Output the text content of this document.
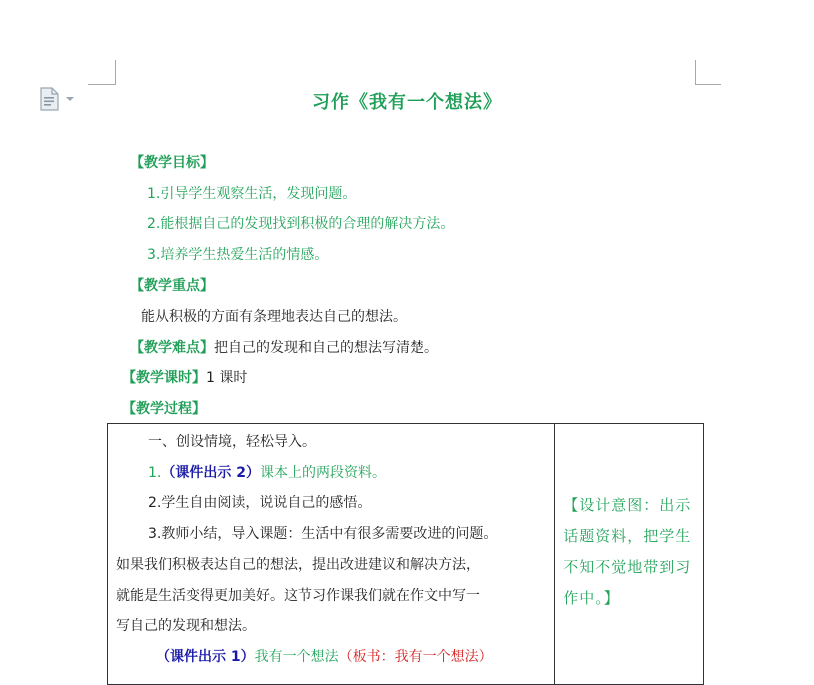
习作《我有一个想法》
【教学目标】
1.引导学生观察生活，发现问题。
2.能根据自己的发现找到积极的合理的解决方法。
3.培养学生热爱生活的情感。
【教学重点】
能从积极的方面有条理地表达自己的想法。
【教学难点】把自己的发现和自己的想法写清楚。
【教学课时】1 课时
【教学过程】
一、创设情境，轻松导入。
1.（课件出示 2）课本上的两段资料。
2.学生自由阅读，说说自己的感悟。
3.教师小结，导入课题：生活中有很多需要改进的问题。
如果我们积极表达自己的想法，提出改进建议和解决方法，
就能是生活变得更加美好。这节习作课我们就在作文中写一
写自己的发现和想法。
（课件出示 1）我有一个想法（板书：我有一个想法）

【设计意图：出示话题资料，把学生不知不觉地带到习作中。】
